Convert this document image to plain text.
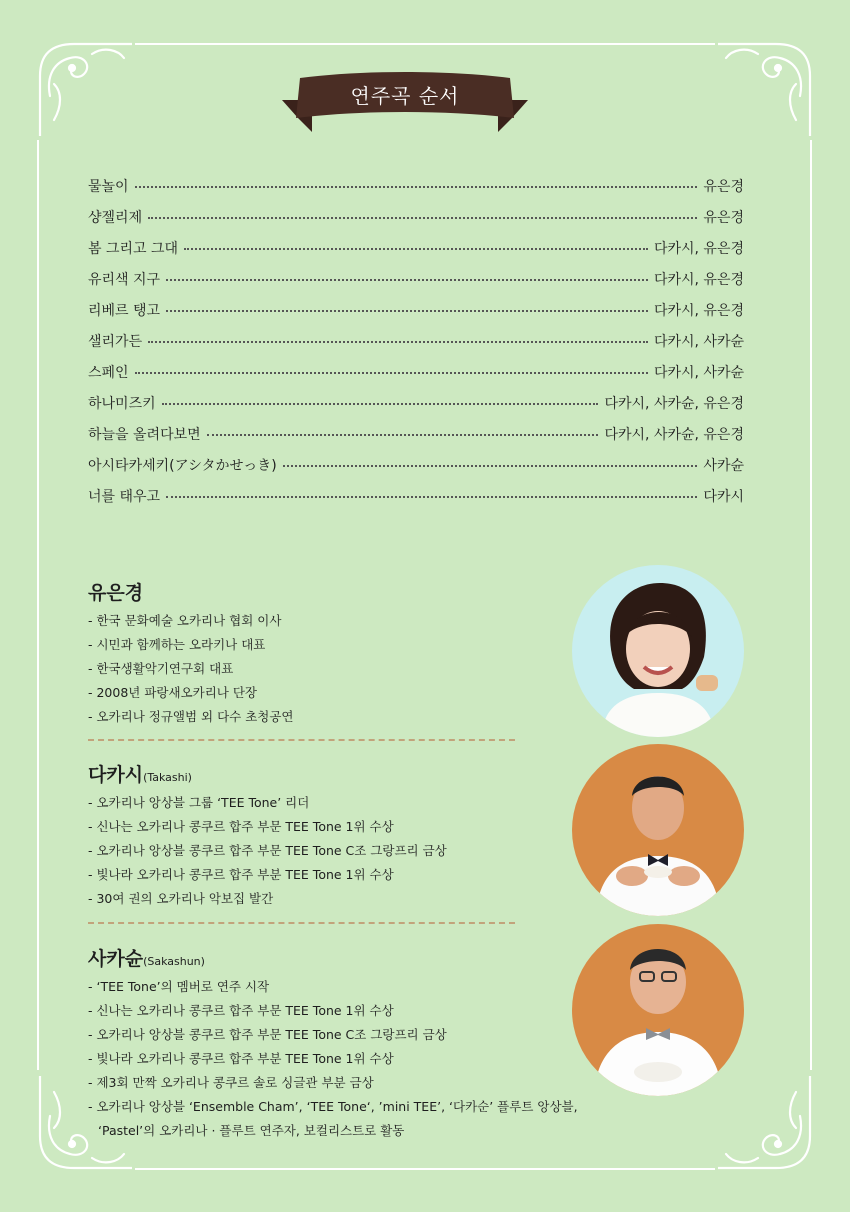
연주곡 순서
물놀이	유은경
샹젤리제	유은경
봄 그리고 그대	다카시, 유은경
유리색 지구	다카시, 유은경
리베르 탱고	다카시, 유은경
샐리가든	다카시, 사카슌
스페인	다카시, 사카슌
하나미즈키	다카시, 사카슌, 유은경
하늘을 올려다보면	다카시, 사카슌, 유은경
아시타카세키(アシタかせっき)	사카슌
너를 태우고	다카시
유은경
- 한국 문화예술 오카리나 협회 이사
- 시민과 함께하는 오라키나 대표
- 한국생활악기연구회 대표
- 2008년 파랑새오카리나 단장
- 오카리나 정규앨범 외 다수 초청공연
다카시(Takashi)
- 오카리나 앙상블 그룹 ‘TEE Tone’ 리더
- 신나는 오카리나 콩쿠르 합주 부문 TEE Tone 1위 수상
- 오카리나 앙상블 콩쿠르 합주 부문 TEE Tone C조 그랑프리 금상
- 빛나라 오카리나 콩쿠르 합주 부분 TEE Tone 1위 수상
- 30여 권의 오카리나 악보집 발간
사카슌(Sakashun)
- ‘TEE Tone’의 멤버로 연주 시작
- 신나는 오카리나 콩쿠르 합주 부문 TEE Tone 1위 수상
- 오카리나 앙상블 콩쿠르 합주 부문 TEE Tone C조 그랑프리 금상
- 빛나라 오카리나 콩쿠르 합주 부분 TEE Tone 1위 수상
- 제3회 만짝 오카리나 콩쿠르 솔로 싱글관 부분 금상
- 오카리나 앙상블 ‘Ensemble Cham’, ‘TEE Tone‘, ’mini TEE’, ‘다카순’ 플루트 앙상블,
‘Pastel’의 오카리나 · 플루트 연주자, 보컬리스트로 활동
